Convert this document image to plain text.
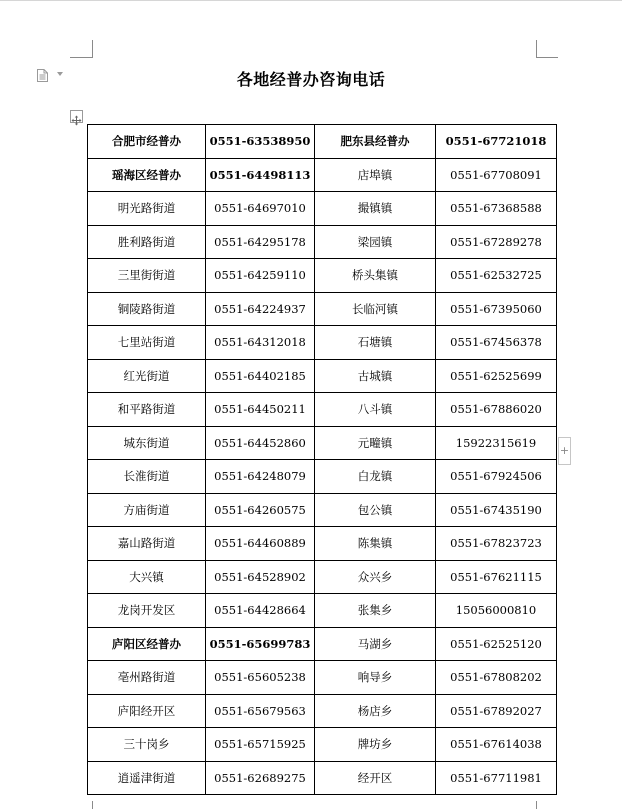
+
各地经普办咨询电话
合肥市经普办	0551-63538950	肥东县经普办	0551-67721018
瑶海区经普办	0551-64498113	店埠镇	0551-67708091
明光路街道	0551-64697010	撮镇镇	0551-67368588
胜利路街道	0551-64295178	梁园镇	0551-67289278
三里街街道	0551-64259110	桥头集镇	0551-62532725
铜陵路街道	0551-64224937	长临河镇	0551-67395060
七里站街道	0551-64312018	石塘镇	0551-67456378
红光街道	0551-64402185	古城镇	0551-62525699
和平路街道	0551-64450211	八斗镇	0551-67886020
城东街道	0551-64452860	元疃镇	15922315619
长淮街道	0551-64248079	白龙镇	0551-67924506
方庙街道	0551-64260575	包公镇	0551-67435190
嘉山路街道	0551-64460889	陈集镇	0551-67823723
大兴镇	0551-64528902	众兴乡	0551-67621115
龙岗开发区	0551-64428664	张集乡	15056000810
庐阳区经普办	0551-65699783	马湖乡	0551-62525120
亳州路街道	0551-65605238	响导乡	0551-67808202
庐阳经开区	0551-65679563	杨店乡	0551-67892027
三十岗乡	0551-65715925	牌坊乡	0551-67614038
逍遥津街道	0551-62689275	经开区	0551-67711981
